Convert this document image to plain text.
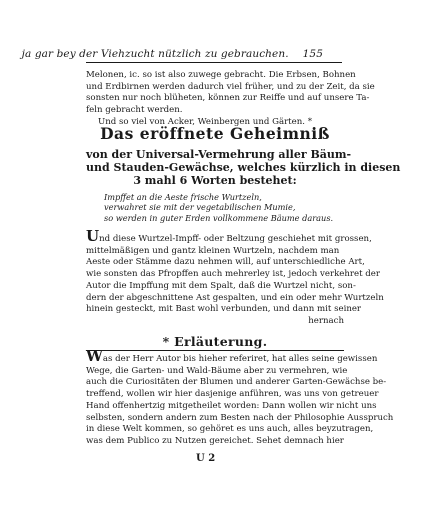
ja gar bey der Viehzucht nützlich zu gebrauchen. 155
Melonen, ic. so ist also zuwege gebracht. Die Erbsen, Bohnen
und Erdbirnen werden dadurch viel früher, und zu der Zeit, da sie
sonsten nur noch blüheten, können zur Reiffe und auf unsere Ta-
feln gebracht werden.
Und so viel von Acker, Weinbergen und Gärten. *
Das eröffnete Geheimniß
von der Universal-Vermehrung aller Bäum-
und Stauden-Gewächse, welches kürzlich in diesen
3 mahl 6 Worten bestehet:
Impffet an die Aeste frische Wurtzeln,
verwahret sie mit der vegetabilischen Mumie,
so werden in guter Erden vollkommene Bäume daraus.
Und diese Wurtzel-Impff- oder Beltzung geschiehet mit grossen,
mittelmäßigen und gantz kleinen Wurtzeln, nachdem man
Aeste oder Stämme dazu nehmen will, auf unterschiedliche Art,
wie sonsten das Pfropffen auch mehrerley ist, jedoch verkehret der
Autor die Impffung mit dem Spalt, daß die Wurtzel nicht, son-
dern der abgeschnittene Ast gespalten, und ein oder mehr Wurtzeln
hinein gesteckt, mit Bast wohl verbunden, und dann mit seiner
hernach
* Erläuterung.
Was der Herr Autor bis hieher referiret, hat alles seine gewissen
Wege, die Garten- und Wald-Bäume aber zu vermehren, wie
auch die Curiositäten der Blumen und anderer Garten-Gewächse be-
treffend, wollen wir hier dasjenige anführen, was uns von getreuer
Hand offenhertzig mitgetheilet worden: Dann wollen wir nicht uns
selbsten, sondern andern zum Besten nach der Philosophie Ausspruch
in diese Welt kommen, so gehöret es uns auch, alles beyzutragen,
was dem Publico zu Nutzen gereichet. Sehet demnach hier
U 2
